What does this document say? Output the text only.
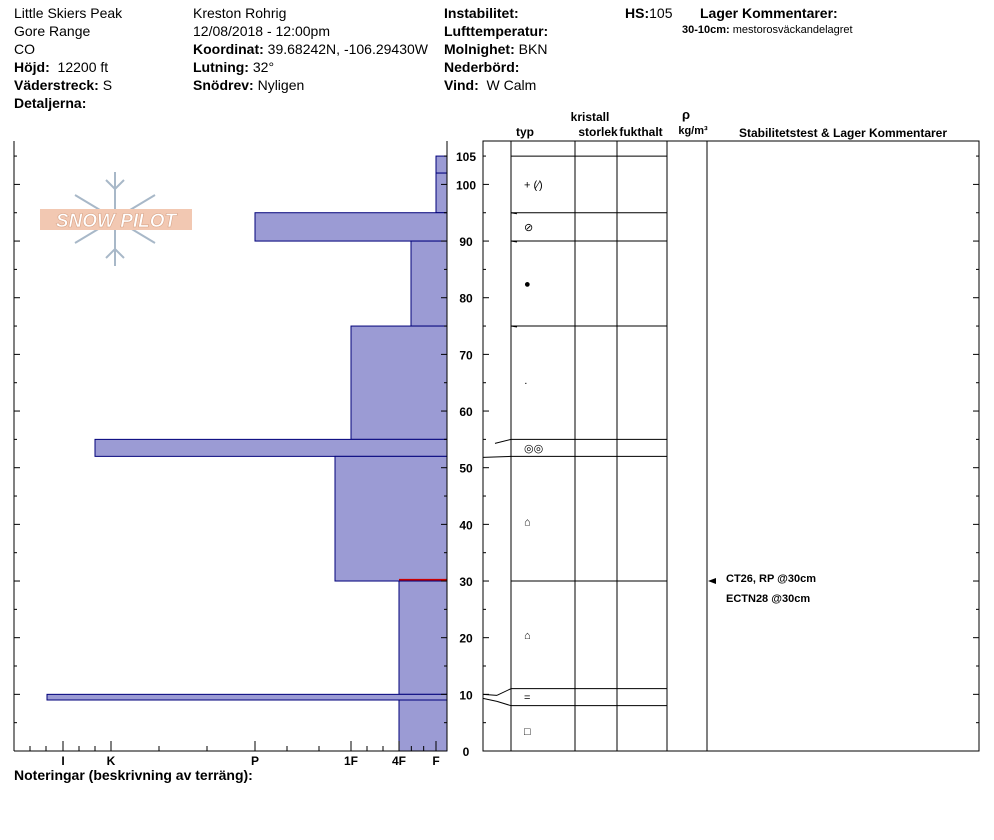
Little Skiers Peak
Gore Range
CO
Höjd: 12200 ft
Väderstreck: S
Detaljerna:
Kreston Rohrig
12/08/2018 - 12:00pm
Koordinat: 39.68242N, -106.29430W
Lutning: 32°
Snödrev: Nyligen
Instabilitet:
Lufttemperatur:
Molnighet: BKN
Nederbörd:
Vind: W Calm
HS:105 Lager Kommentarer:
30-10cm: mestorosväckandelagret
Noteringar (beskrivning av terräng):
SNOW PILOT
I	K	P	1F	4F F
0
10
20
30
40
50
60
70
80
90
100
105
kristall
typ	storlek fukthalt
ρ
kg/m³	Stabilitetstest & Lager Kommentarer
+ (⁄)
⊘
●
·
◎◎
⌂
⌂
=
□
CT26, RP @30cm
ECTN28 @30cm
